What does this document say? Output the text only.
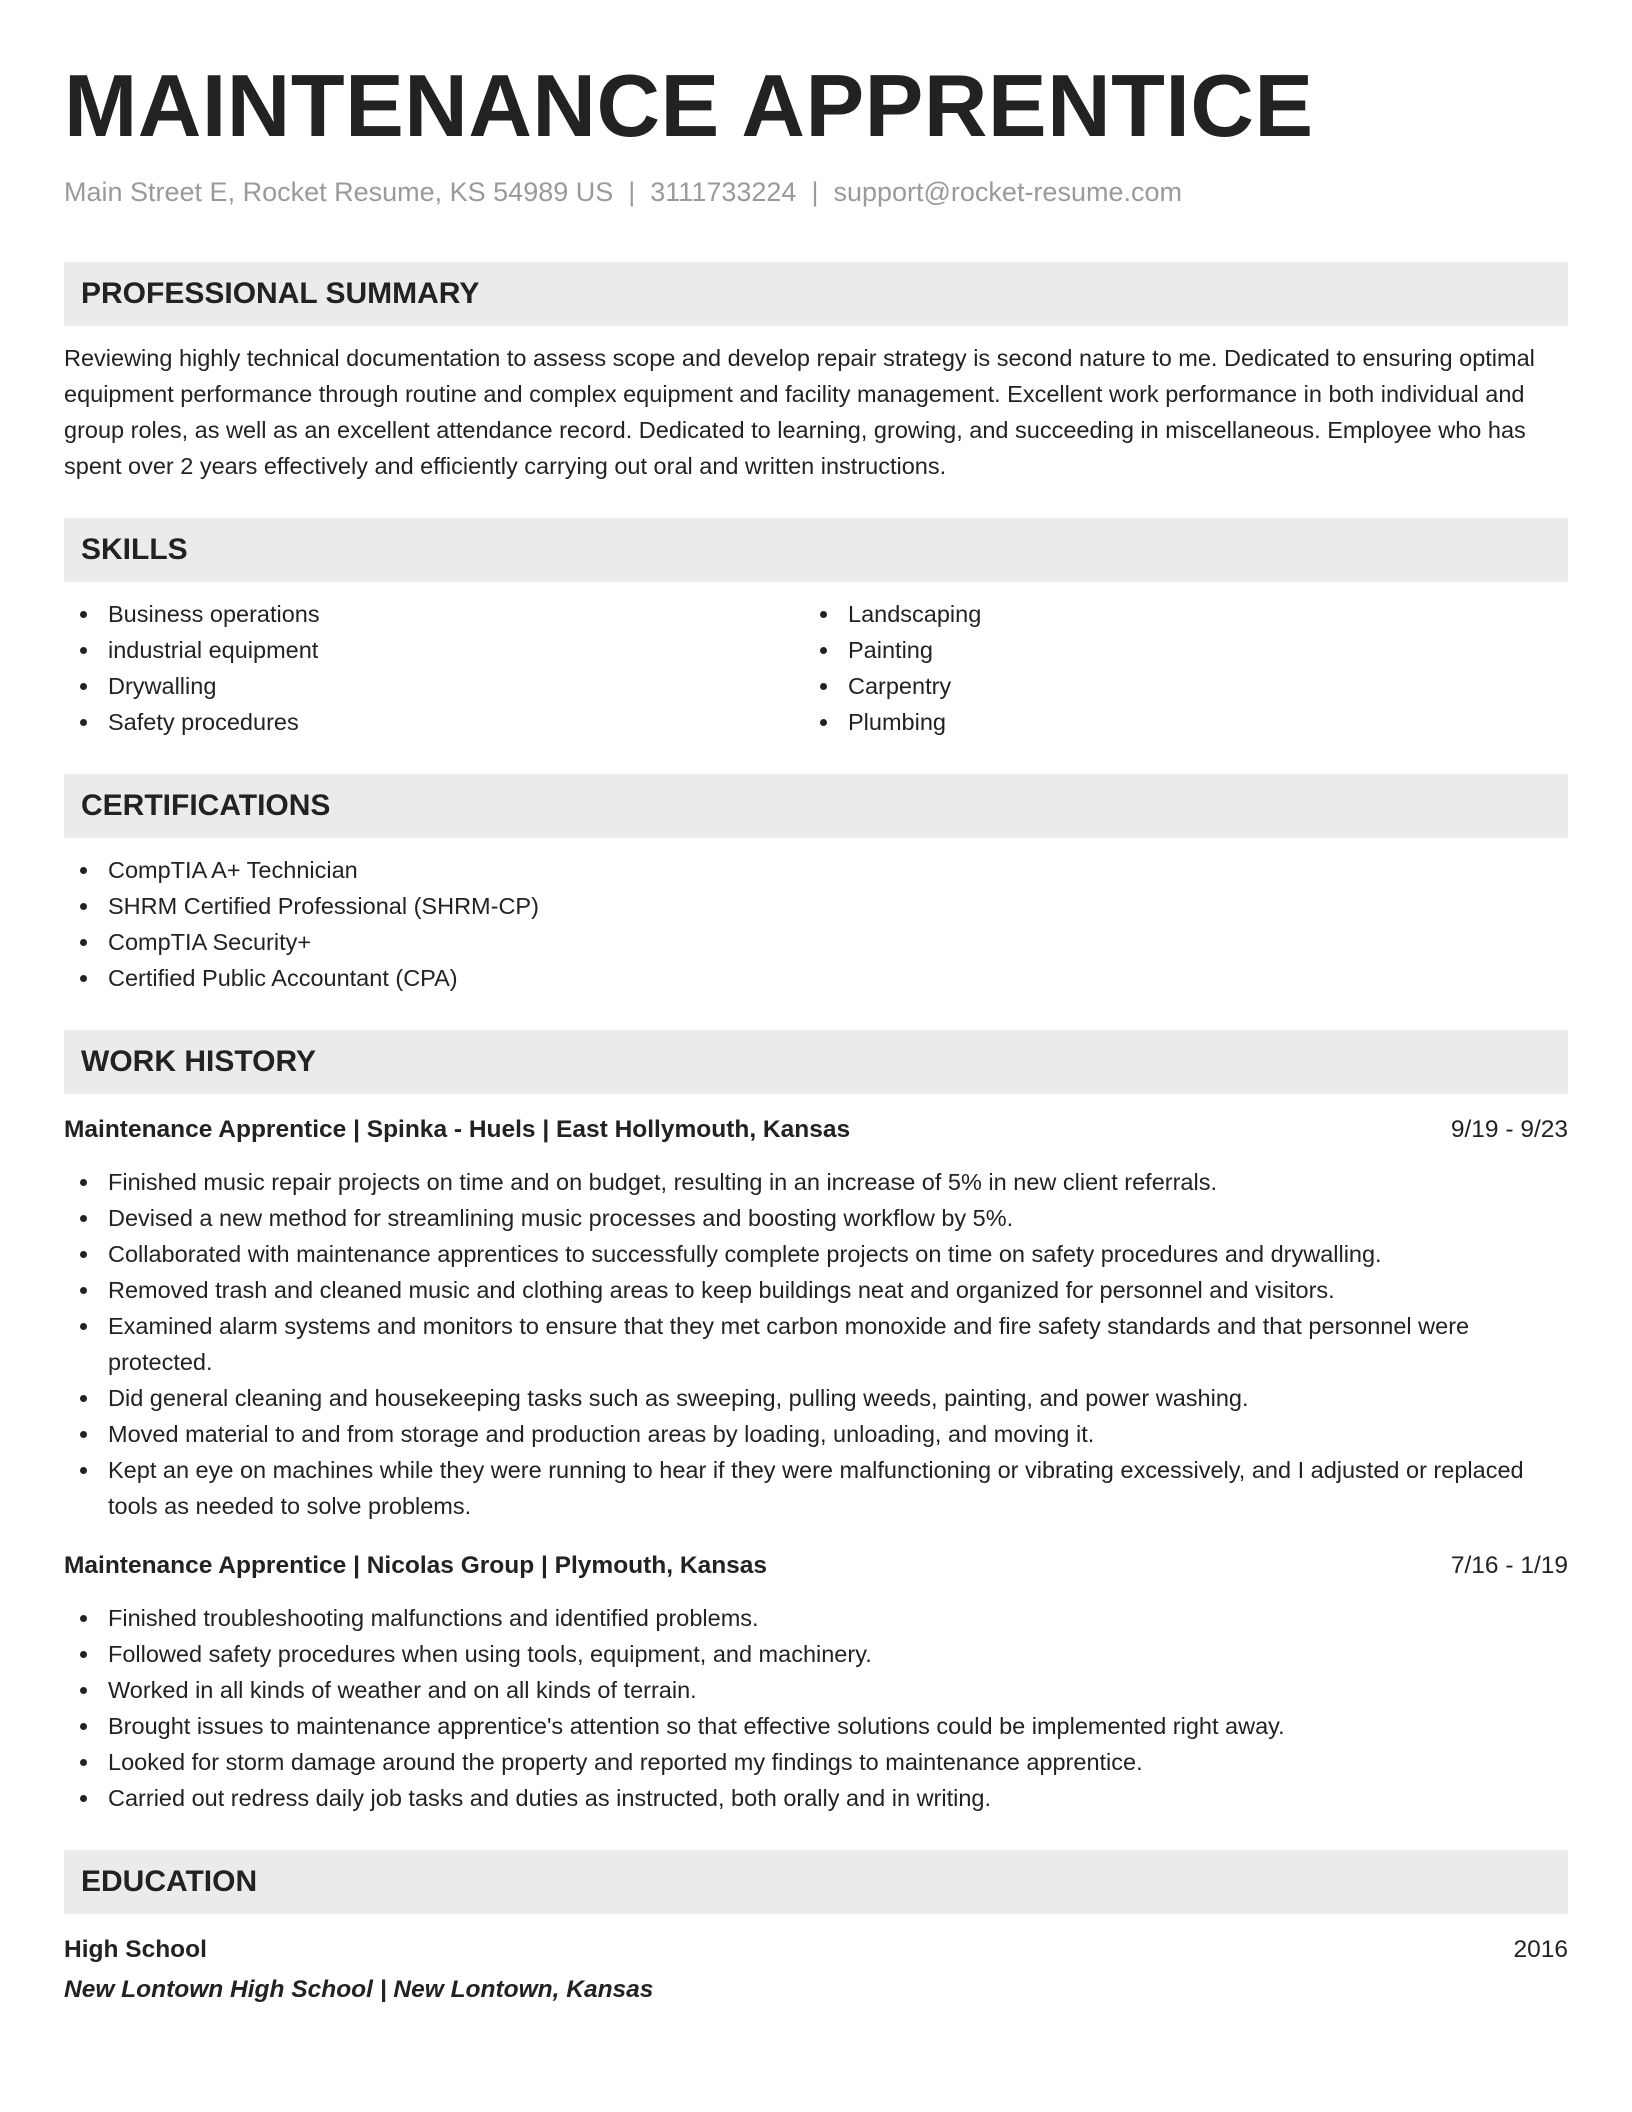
MAINTENANCE APPRENTICE
Main Street E, Rocket Resume, KS 54989 US | 3111733224 | support@rocket-resume.com
PROFESSIONAL SUMMARY
Reviewing highly technical documentation to assess scope and develop repair strategy is second nature to me. Dedicated to ensuring optimal equipment performance through routine and complex equipment and facility management. Excellent work performance in both individual and group roles, as well as an excellent attendance record. Dedicated to learning, growing, and succeeding in miscellaneous. Employee who has spent over 2 years effectively and efficiently carrying out oral and written instructions.
SKILLS
Business operations
industrial equipment
Drywalling
Safety procedures
Landscaping
Painting
Carpentry
Plumbing
CERTIFICATIONS
CompTIA A+ Technician
SHRM Certified Professional (SHRM-CP)
CompTIA Security+
Certified Public Accountant (CPA)
WORK HISTORY
Maintenance Apprentice | Spinka - Huels | East Hollymouth, Kansas	9/19 - 9/23
Finished music repair projects on time and on budget, resulting in an increase of 5% in new client referrals.
Devised a new method for streamlining music processes and boosting workflow by 5%.
Collaborated with maintenance apprentices to successfully complete projects on time on safety procedures and drywalling.
Removed trash and cleaned music and clothing areas to keep buildings neat and organized for personnel and visitors.
Examined alarm systems and monitors to ensure that they met carbon monoxide and fire safety standards and that personnel were protected.
Did general cleaning and housekeeping tasks such as sweeping, pulling weeds, painting, and power washing.
Moved material to and from storage and production areas by loading, unloading, and moving it.
Kept an eye on machines while they were running to hear if they were malfunctioning or vibrating excessively, and I adjusted or replaced tools as needed to solve problems.
Maintenance Apprentice | Nicolas Group | Plymouth, Kansas	7/16 - 1/19
Finished troubleshooting malfunctions and identified problems.
Followed safety procedures when using tools, equipment, and machinery.
Worked in all kinds of weather and on all kinds of terrain.
Brought issues to maintenance apprentice's attention so that effective solutions could be implemented right away.
Looked for storm damage around the property and reported my findings to maintenance apprentice.
Carried out redress daily job tasks and duties as instructed, both orally and in writing.
EDUCATION
High School	2016
New Lontown High School | New Lontown, Kansas
